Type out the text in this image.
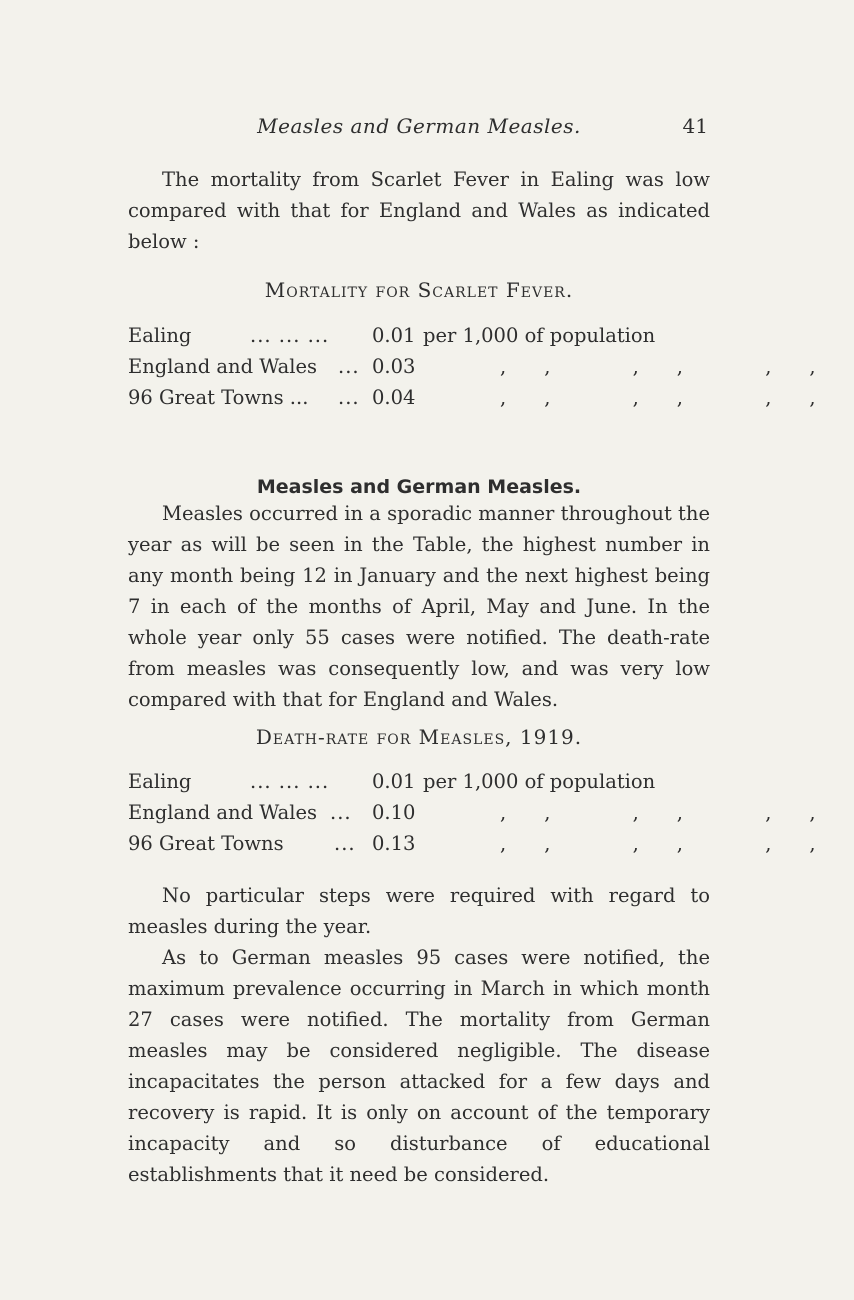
Measles and German Measles.	41
The mortality from Scarlet Fever in Ealing was low compared with that for England and Wales as indicated below :
Mortality for Scarlet Fever.
Ealing	... ... ... 0.01 per 1,000 of population
England and Wales ... 0.03	,, ,, ,,
96 Great Towns ... ... 0.04	,, ,, ,,
Measles and German Measles.
Measles occurred in a sporadic manner throughout the year as will be seen in the Table, the highest number in any month being 12 in January and the next highest being 7 in each of the months of April, May and June. In the whole year only 55 cases were notified. The death-rate from measles was consequently low, and was very low compared with that for England and Wales.
Death-rate for Measles, 1919.
Ealing	... ... ... 0.01 per 1,000 of population
England and Wales ... 0.10	,, ,, ,,
96 Great Towns	... 0.13	,, ,, ,,
No particular steps were required with regard to measles during the year.
As to German measles 95 cases were notified, the maximum prevalence occurring in March in which month 27 cases were notified. The mortality from German measles may be considered negligible. The disease incapacitates the person attacked for a few days and recovery is rapid. It is only on account of the temporary incapacity and so disturbance of educational establishments that it need be considered.
